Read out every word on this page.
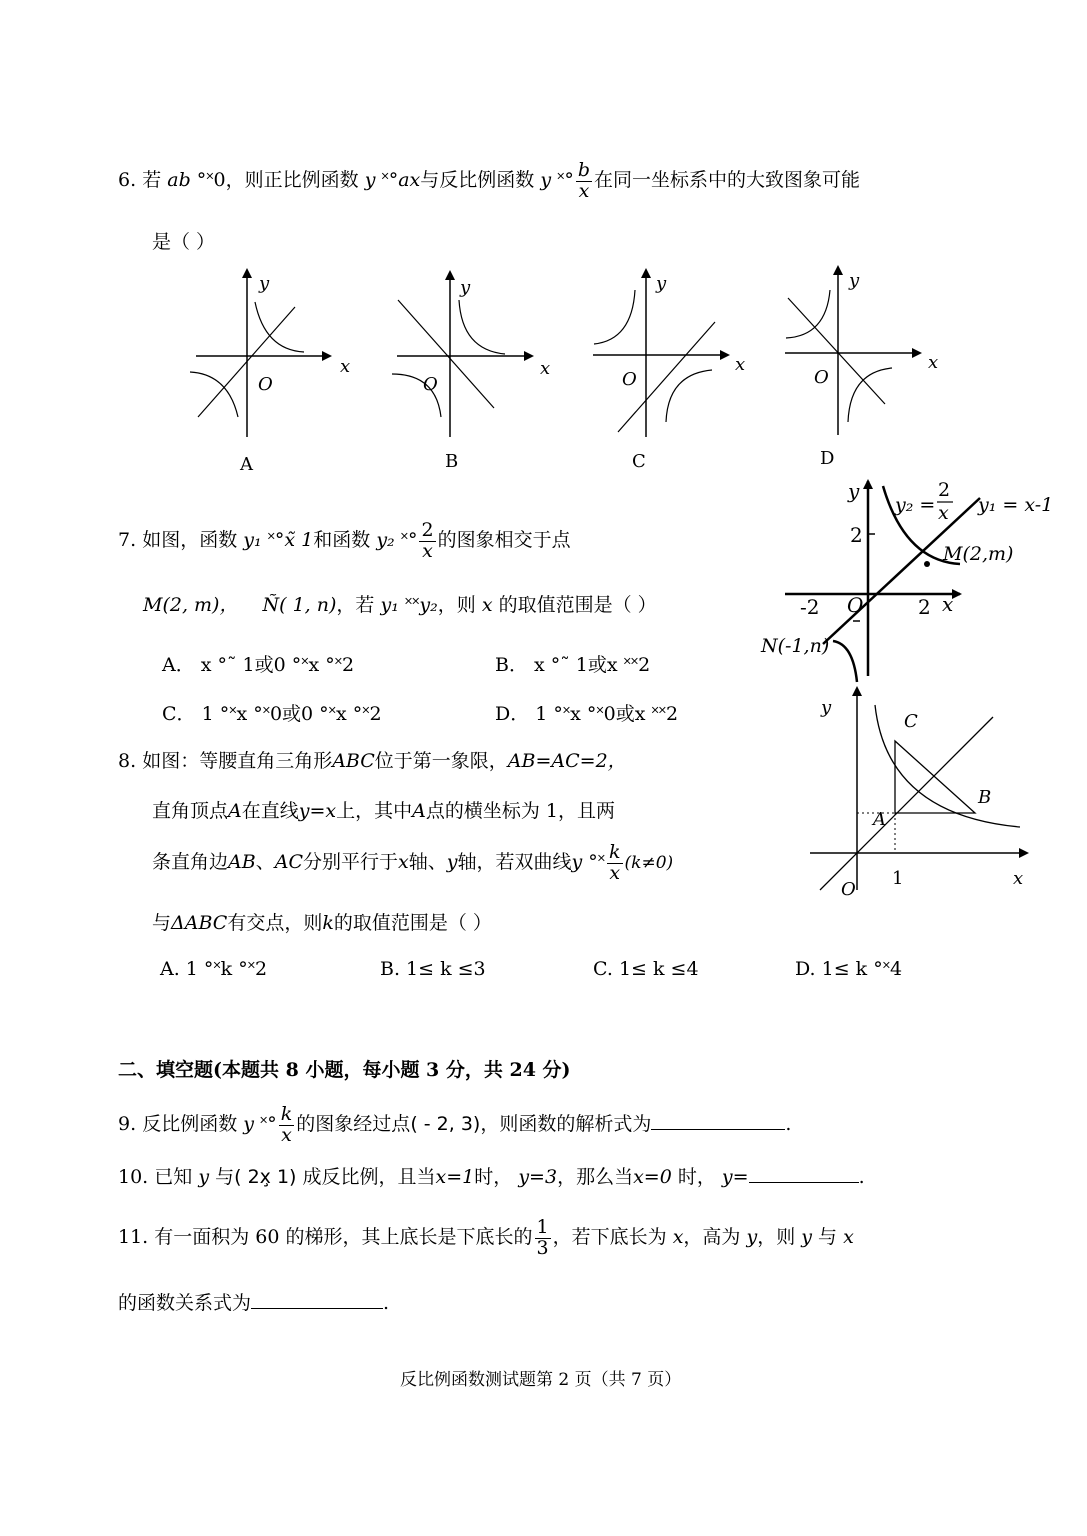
6. 若 ab °˟0，则正比例函数 y ˟°ax与反比例函数 y ˟° $\frac{b}{x}$ 在同一坐标系中的大致图象可能
是（ ）
O
x
y
A
O
x
y
B
O
x
y
C
O
x
y
D
7. 如图，函数 y₁ ˟°x̃ 1和函数 y₂ ˟° $\frac{2}{x}$ 的图象相交于点
M(2, m)， Ñ( 1, n)，若 y₁ ˟˟y₂，则 x 的取值范围是（ ）
A． x °˜ 1或0 °˟x °˟2	B． x °˜ 1或x ˟˟2
C． 1 °˟x °˟0或0 °˟x °˟2	D． 1 °˟x °˟0或x ˟˟2
y
x
O
2
-2	2
y₂ =
2
x y₁ = x-1
M(2,m)
N(-1,n)
8. 如图：等腰直角三角形ABC位于第一象限，AB=AC=2，
直角顶点A在直线y=x上，其中A点的横坐标为 1，且两
条直角边AB、AC分别平行于x轴、y轴，若双曲线y °˟ $\frac{k}{x} (k\ne 0)$
与ΔABC有交点，则k的取值范围是（ ）
A. 1 °˟k °˟2	B. 1≤ k ≤3	C. 1≤ k ≤4	D. 1≤ k °˟4
y
x
O
1
A
B
C
二、填空题(本题共 8 小题，每小题 3 分，共 24 分)
9. 反比例函数 y ˟° $\frac{k}{x}$ 的图象经过点( - 2, 3)，则函数的解析式为	.
10. 已知 y 与( 2x̧ 1) 成反比例，且当x=1时， y=3，那么当x=0 时， y=	.
11. 有一面积为 60 的梯形，其上底长是下底长的 $\frac{1}{3}$ ，若下底长为 x，高为 y，则 y 与 x
的函数关系式为	.
反比例函数测试题第 2 页（共 7 页）
